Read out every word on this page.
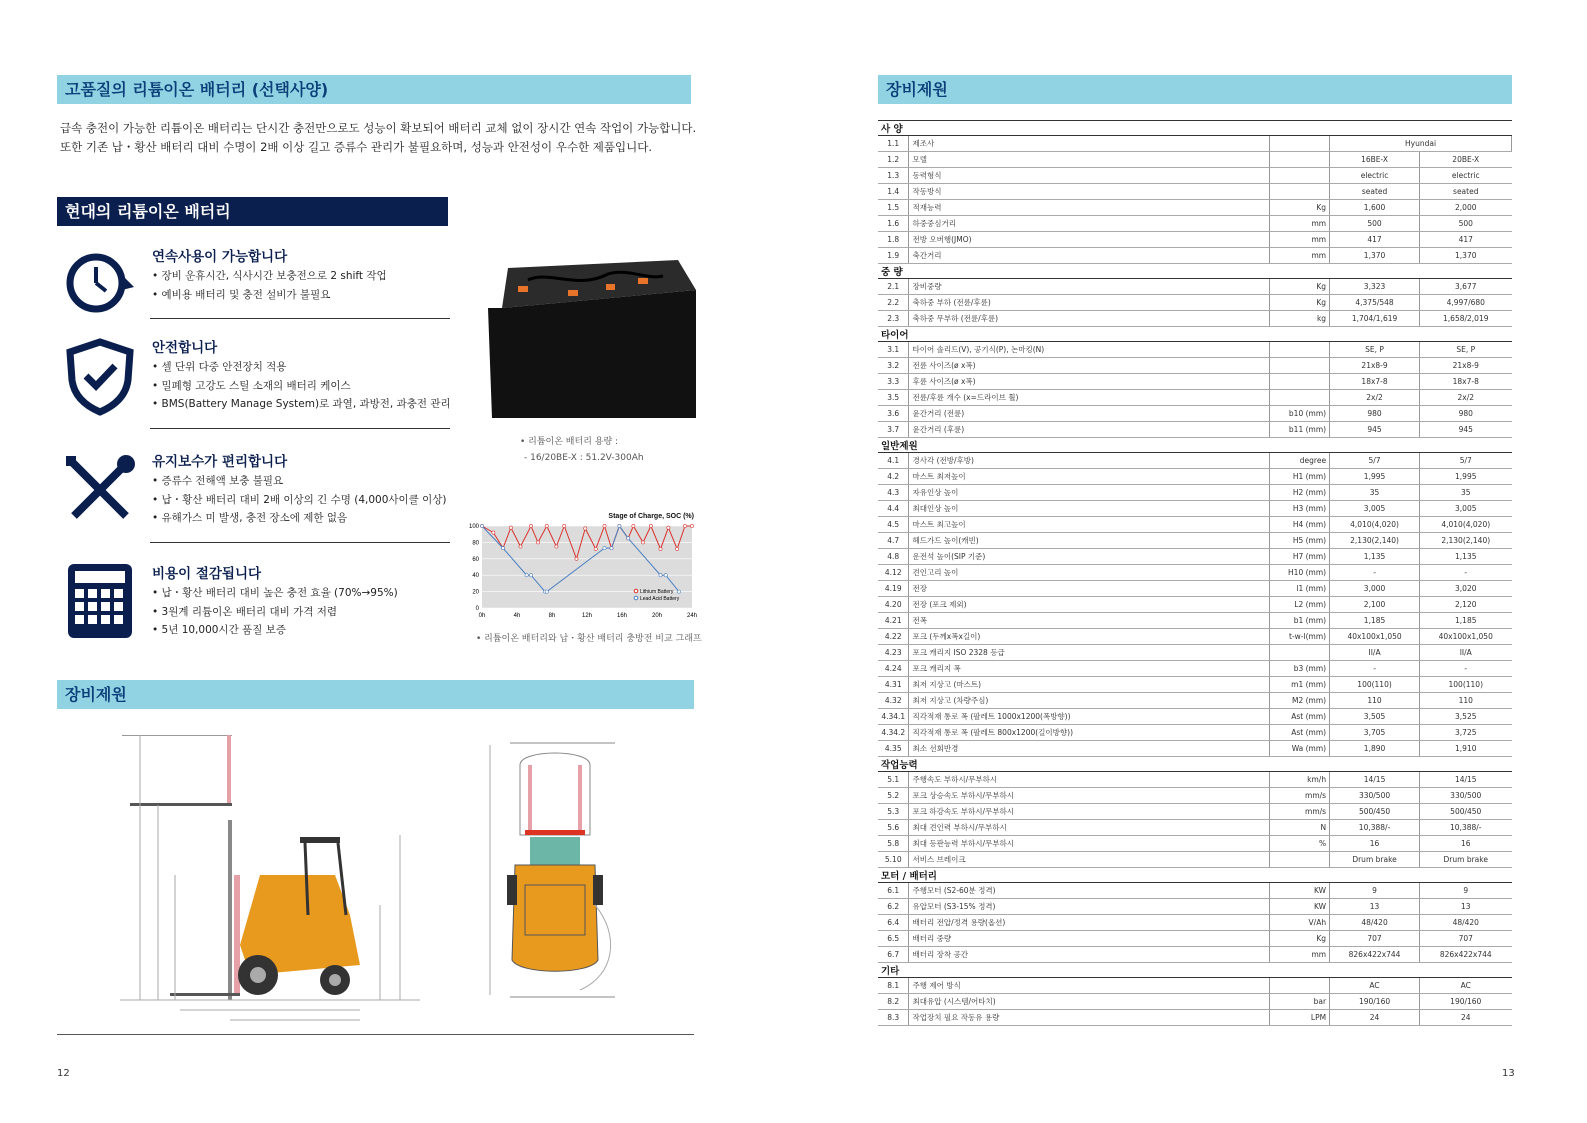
고품질의 리튬이온 배터리 (선택사양)
급속 충전이 가능한 리튬이온 배터리는 단시간 충전만으로도 성능이 확보되어 배터리 교체 없이 장시간 연속 작업이 가능합니다. 또한 기존 납・황산 배터리 대비 수명이 2배 이상 길고 증류수 관리가 불필요하며, 성능과 안전성이 우수한 제품입니다.
현대의 리튬이온 배터리
연속사용이 가능합니다
• 장비 운휴시간, 식사시간 보충전으로 2 shift 작업
• 예비용 배터리 및 충전 설비가 불필요
안전합니다
• 셀 단위 다중 안전장치 적용
• 밀폐형 고강도 스틸 소재의 배터리 케이스
• BMS(Battery Manage System)로 과열, 과방전, 과충전 관리
유지보수가 편리합니다
• 증류수 전해액 보충 불필요
• 납・황산 배터리 대비 2배 이상의 긴 수명 (4,000사이클 이상)
• 유해가스 미 발생, 충전 장소에 제한 없음
비용이 절감됩니다
• 납・황산 배터리 대비 높은 충전 효율 (70%→95%)
• 3원계 리튬이온 배터리 대비 가격 저렴
• 5년 10,000시간 품질 보증
• 리튬이온 배터리 용량 :
- 16/20BE-X : 51.2V-300Ah
Stage of Charge, SOC (%)
0
20
40
60
80
100
0h	4h	8h	12h	16h	20h	24h
Lithium Battery
Lead Acid Battery
• 리튬이온 배터리와 납・황산 배터리 충방전 비교 그래프
장비제원
12
장비제원
사 양				
1.1	제조사		Hyundai	
1.2	모델		16BE-X	20BE-X
1.3	동력형식		electric	electric
1.4	작동방식		seated	seated
1.5	적재능력	Kg	1,600	2,000
1.6	하중중심거리	mm	500	500
1.8	전방 오버행(JMO)	mm	417	417
1.9	축간거리	mm	1,370	1,370
중 량				
2.1	장비중량	Kg	3,323	3,677
2.2	축하중 부하 (전륜/후륜)	Kg	4,375/548	4,997/680
2.3	축하중 무부하 (전륜/후륜)	kg	1,704/1,619	1,658/2,019
타이어				
3.1	타이어 솔리드(V), 공기식(P), 논마킹(N)		SE, P	SE, P
3.2	전륜 사이즈(ø x폭)		21x8-9	21x8-9
3.3	후륜 사이즈(ø x폭)		18x7-8	18x7-8
3.5	전륜/후륜 개수 (x=드라이브 휠)		2x/2	2x/2
3.6	윤간거리 (전륜)	b10 (mm)	980	980
3.7	윤간거리 (후륜)	b11 (mm)	945	945
일반제원				
4.1	경사각 (전방/후방)	degree	5/7	5/7
4.2	마스트 최저높이	H1 (mm)	1,995	1,995
4.3	자유인상 높이	H2 (mm)	35	35
4.4	최대인상 높이	H3 (mm)	3,005	3,005
4.5	마스트 최고높이	H4 (mm)	4,010(4,020)	4,010(4,020)
4.7	헤드가드 높이(캐빈)	H5 (mm)	2,130(2,140)	2,130(2,140)
4.8	운전석 높이(SIP 기준)	H7 (mm)	1,135	1,135
4.12	견인고리 높이	H10 (mm)	-	-
4.19	전장	l1 (mm)	3,000	3,020
4.20	전장 (포크 제외)	L2 (mm)	2,100	2,120
4.21	전폭	b1 (mm)	1,185	1,185
4.22	포크 (두께x폭x길이)	t-w-l(mm)	40x100x1,050	40x100x1,050
4.23	포크 캐리지 ISO 2328 등급		II/A	II/A
4.24	포크 캐리지 폭	b3 (mm)	-	-
4.31	최저 지상고 (마스트)	m1 (mm)	100(110)	100(110)
4.32	최저 지상고 (차량주심)	M2 (mm)	110	110
4.34.1	직각적재 통로 폭 (팔레트 1000x1200(폭방향))	Ast (mm)	3,505	3,525
4.34.2	직각적재 통로 폭 (팔레트 800x1200(길이방향))	Ast (mm)	3,705	3,725
4.35	최소 선회반경	Wa (mm)	1,890	1,910
작업능력				
5.1	주행속도 부하시/무부하시	km/h	14/15	14/15
5.2	포크 상승속도 부하시/무부하시	mm/s	330/500	330/500
5.3	포크 하강속도 부하시/무부하시	mm/s	500/450	500/450
5.6	최대 견인력 부하시/무부하시	N	10,388/-	10,388/-
5.8	최대 등판능력 부하시/무부하시	%	16	16
5.10	서비스 브레이크		Drum brake	Drum brake
모터 / 배터리				
6.1	주행모터 (S2-60분 정격)	KW	9	9
6.2	유압모터 (S3-15% 정격)	KW	13	13
6.4	배터리 전압/정격 용량(옵션)	V/Ah	48/420	48/420
6.5	배터리 중량	Kg	707	707
6.7	배터리 장착 공간	mm	826x422x744	826x422x744
기타				
8.1	주행 제어 방식		AC	AC
8.2	최대유압 (시스템/어타치)	bar	190/160	190/160
8.3	작업장치 필요 작동유 용량	LPM	24	24
13
